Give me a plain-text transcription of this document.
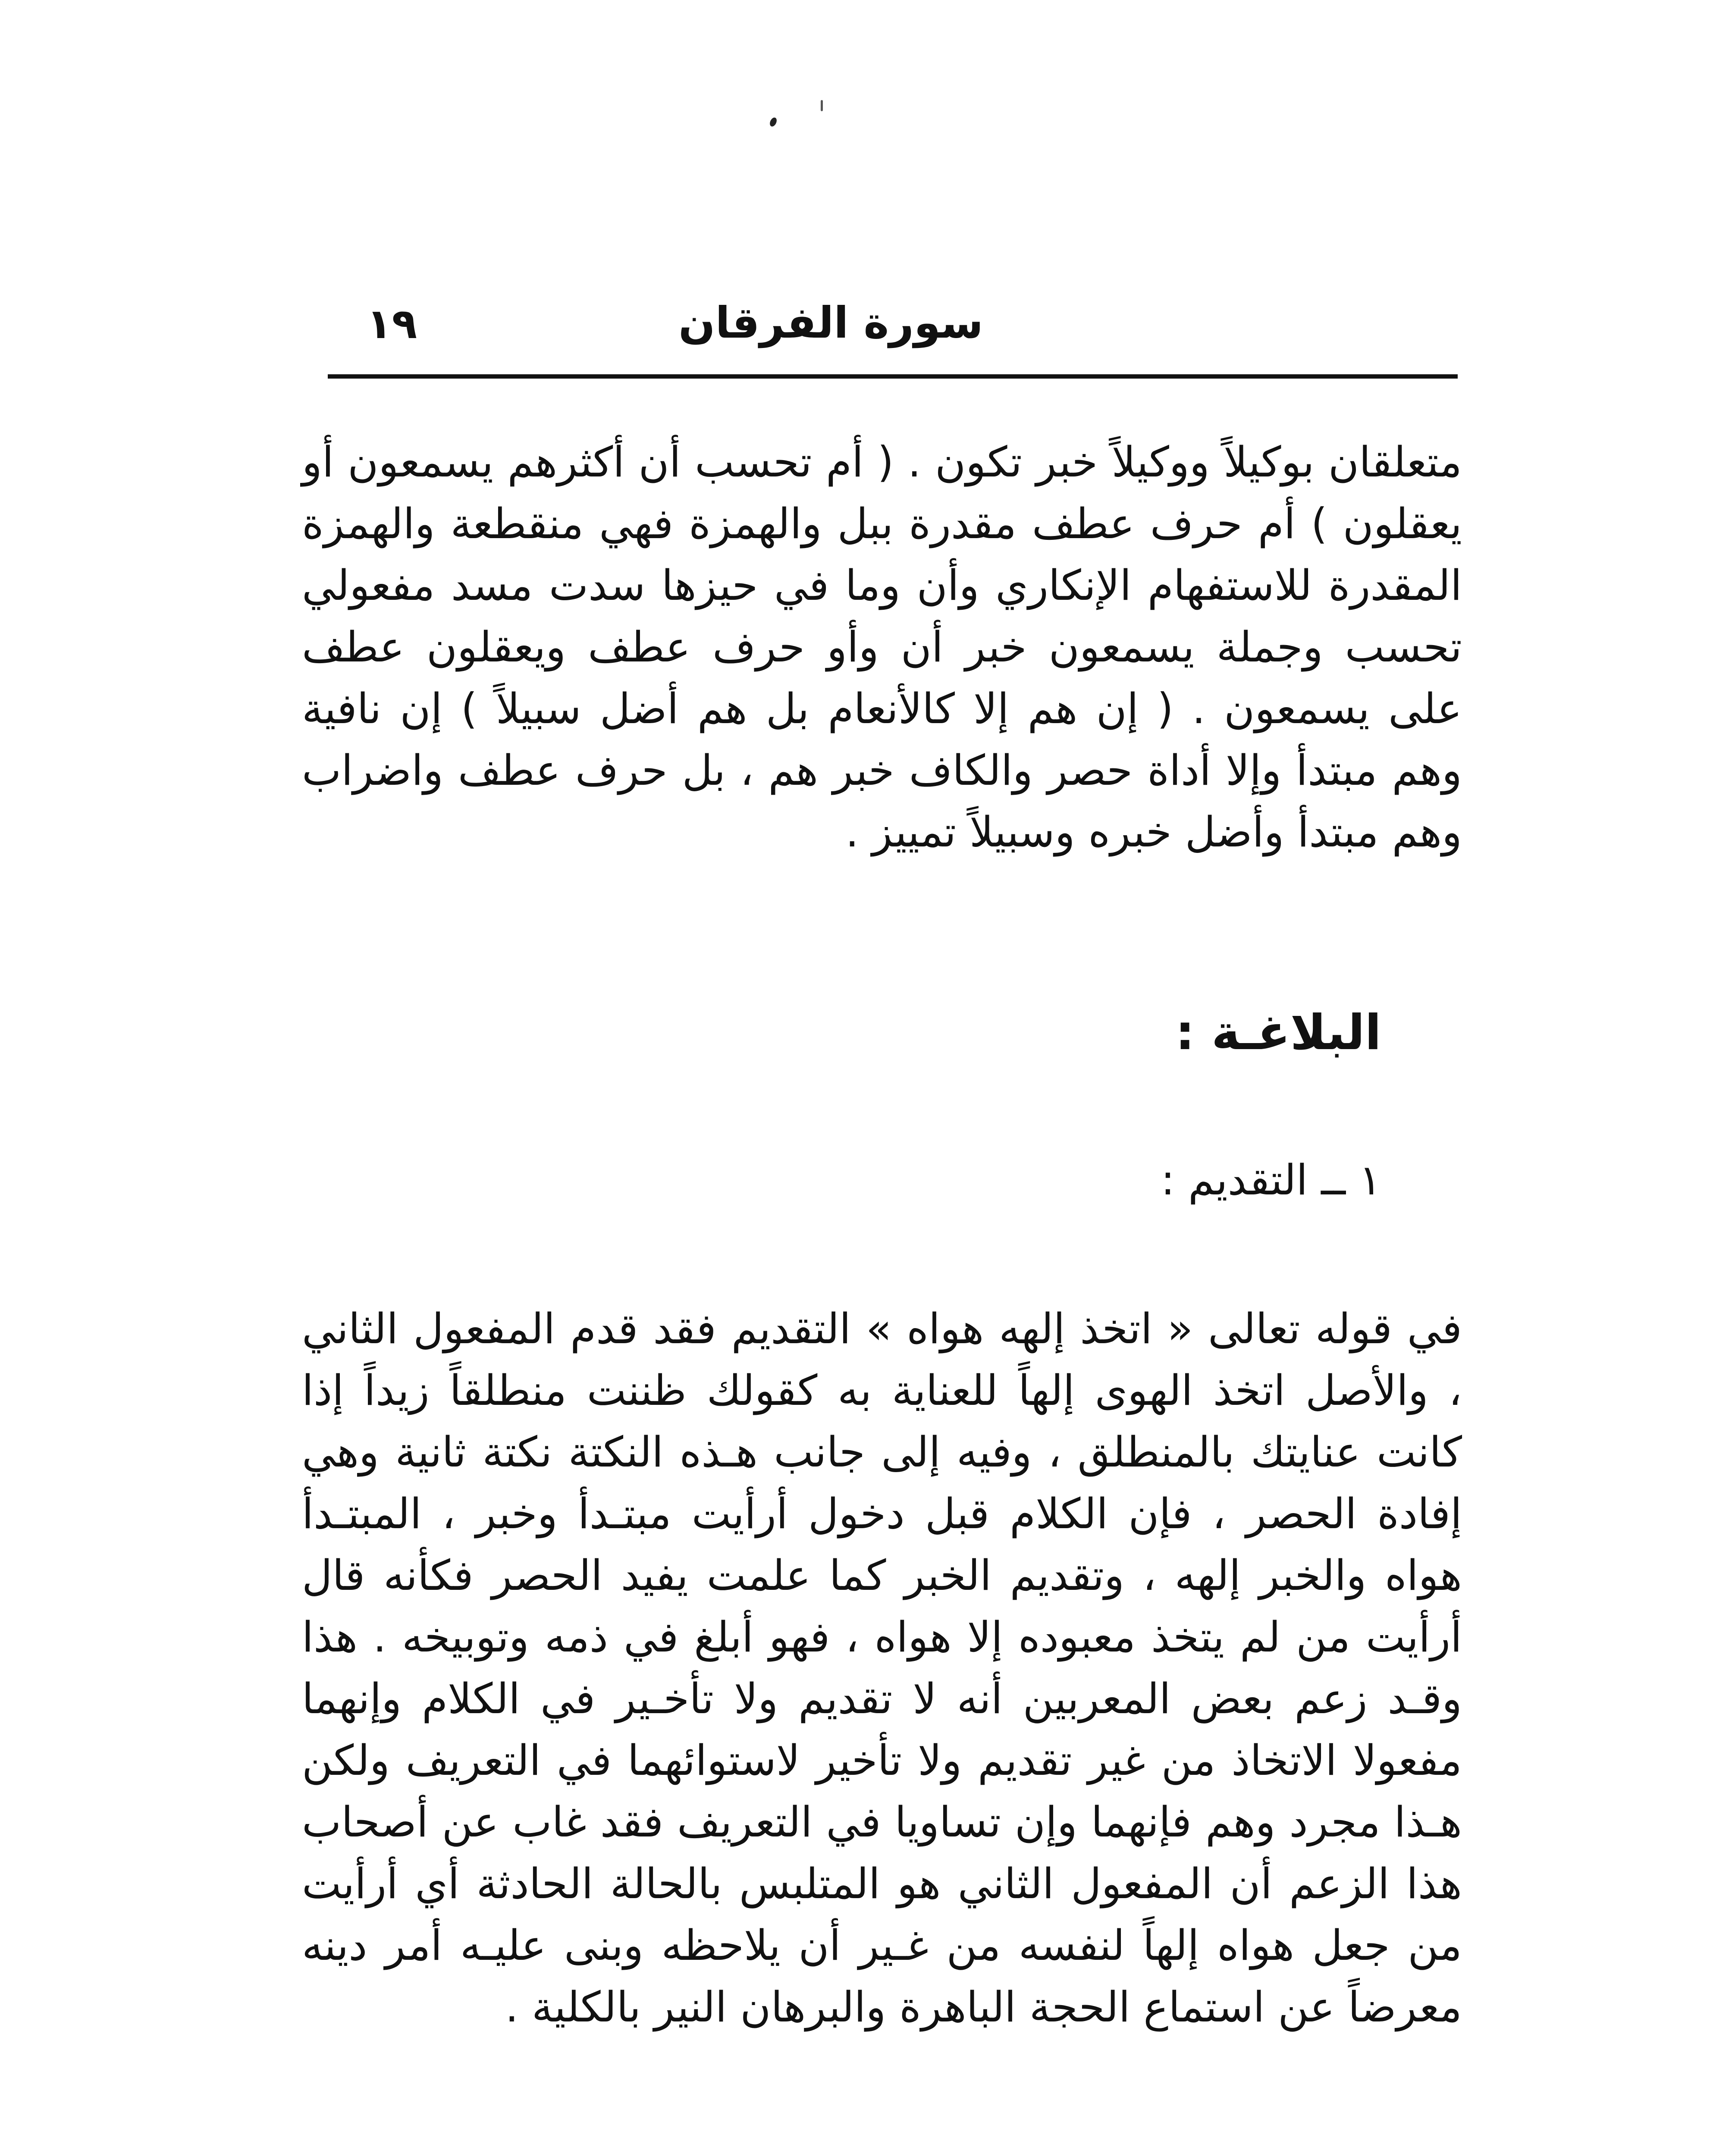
سورة الفرقان
١٩

متعلقان بوكيلاً ووكيلاً خبر تكون . ( أم تحسب أن أكثرهم يسمعون أو يعقلون ) أم حرف عطف مقدرة ببل والهمزة فهي منقطعة والهمزة المقدرة للاستفهام الإنكاري وأن وما في حيزها سدت مسد مفعولي تحسب وجملة يسمعون خبر أن وأو حرف عطف ويعقلون عطف على يسمعون . ( إن هم إلا كالأنعام بل هم أضل سبيلاً ) إن نافية وهم مبتدأ وإلا أداة حصر والكاف خبر هم ، بل حرف عطف واضراب وهم مبتدأ وأضل خبره وسبيلاً تمييز .

البلاغـة :
١ ــ التقديم :

في قوله تعالى « اتخذ إلهه هواه » التقديم فقد قدم المفعول الثاني ، والأصل اتخذ الهوى إلهاً للعناية به كقولك ظننت منطلقاً زيداً إذا كانت عنايتك بالمنطلق ، وفيه إلى جانب هـذه النكتة نكتة ثانية وهي إفادة الحصر ، فإن الكلام قبل دخول أرأيت مبتـدأ وخبر ، المبتـدأ هواه والخبر إلهه ، وتقديم الخبر كما علمت يفيد الحصر فكأنه قال أرأيت من لم يتخذ معبوده إلا هواه ، فهو أبلغ في ذمه وتوبيخه . هذا وقـد زعم بعض المعربين أنه لا تقديم ولا تأخـير في الكلام وإنهما مفعولا الاتخاذ من غير تقديم ولا تأخير لاستوائهما في التعريف ولكن هـذا مجرد وهم فإنهما وإن تساويا في التعريف فقد غاب عن أصحاب هذا الزعم أن المفعول الثاني هو المتلبس بالحالة الحادثة أي أرأيت من جعل هواه إلهاً لنفسه من غـير أن يلاحظه وبنى عليـه أمر دينه معرضاً عن استماع الحجة الباهرة والبرهان النير بالكلية .
